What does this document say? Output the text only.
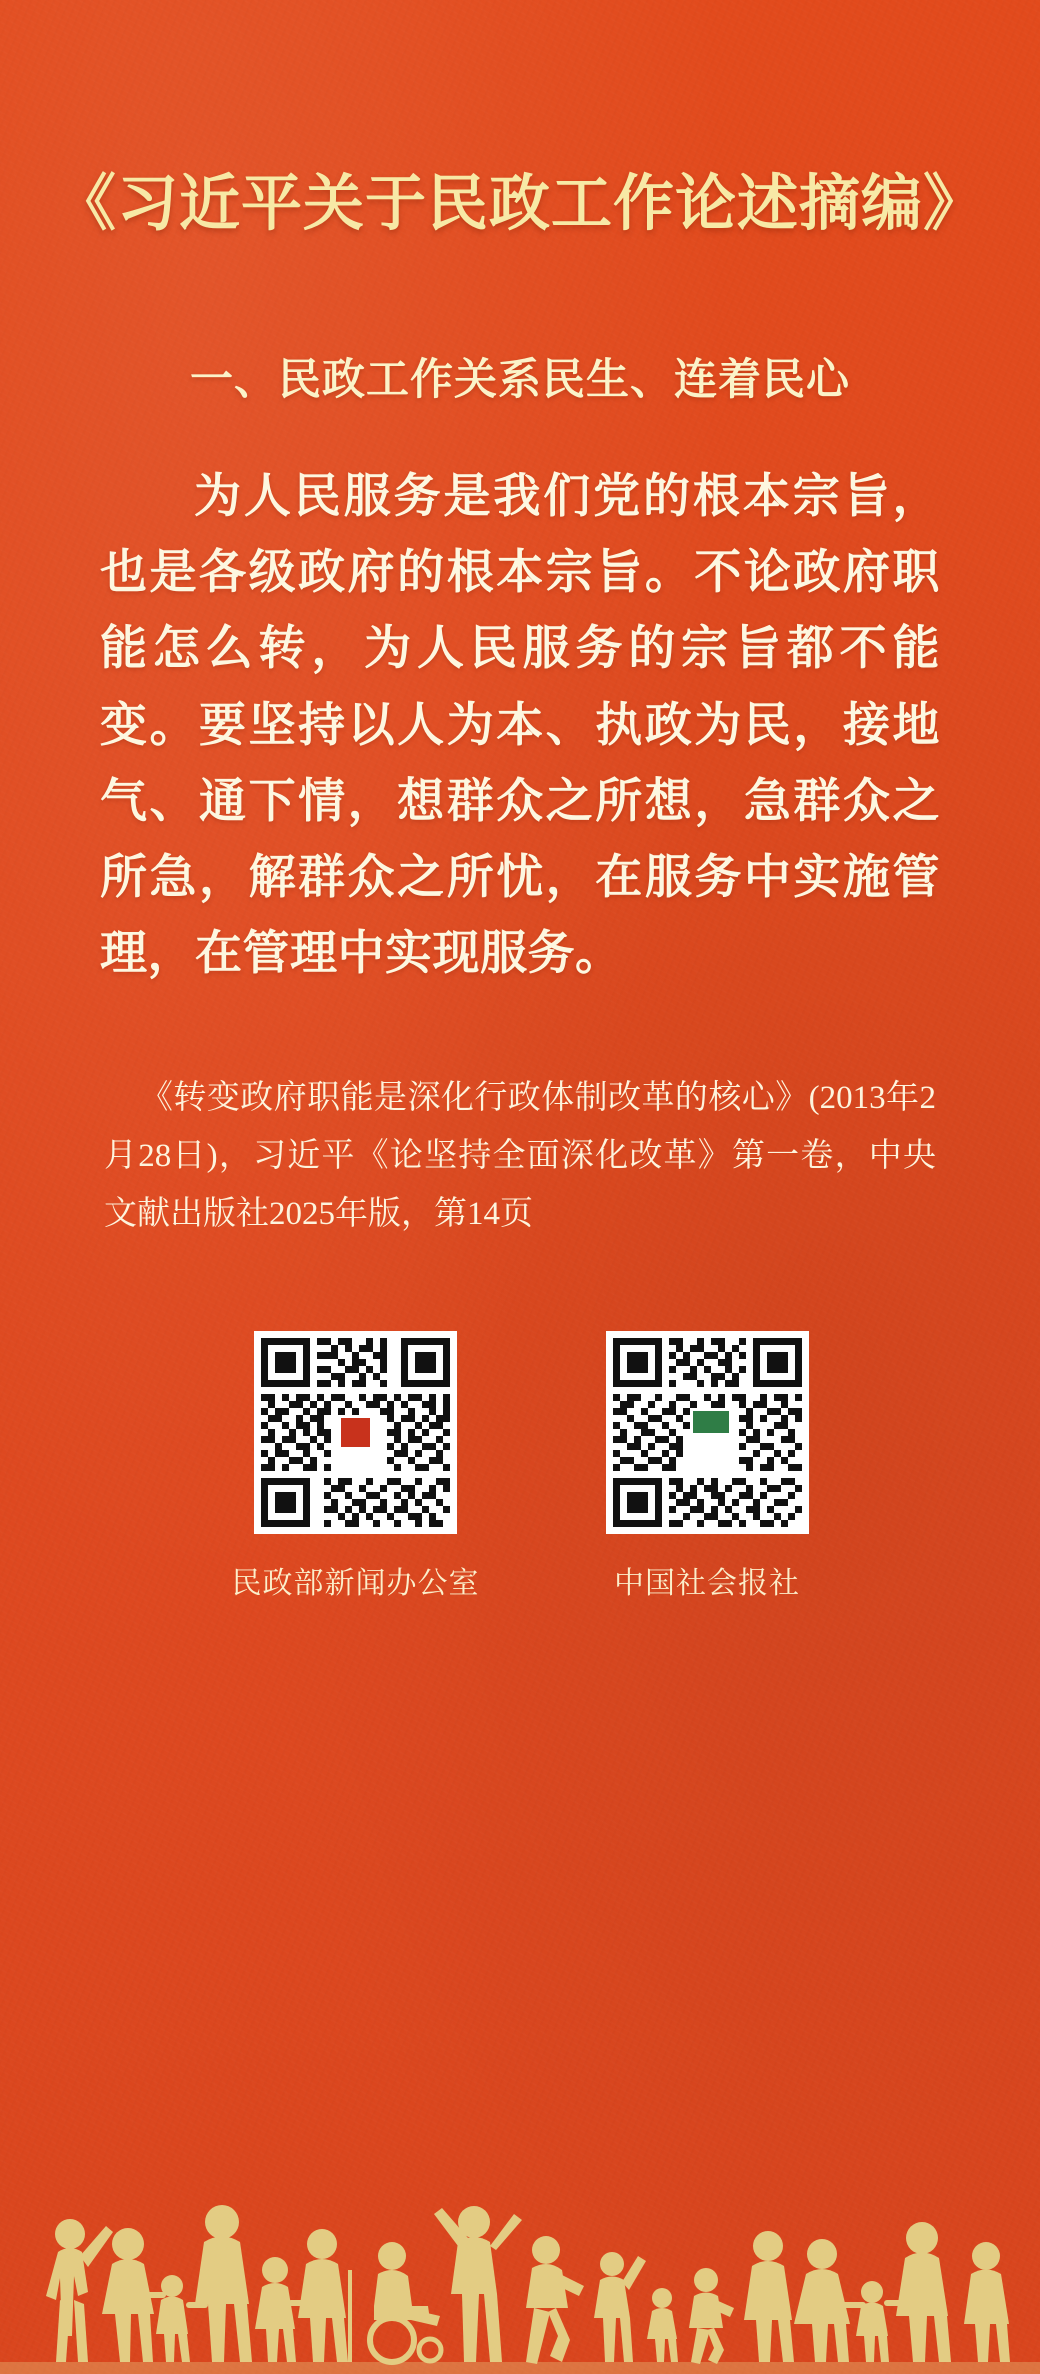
《习近平关于民政工作论述摘编》
一、民政工作关系民生、连着民心
为人民服务是我们党的根本宗旨，也是各级政府的根本宗旨。不论政府职能怎么转，为人民服务的宗旨都不能变。要坚持以人为本、执政为民，接地气、通下情，想群众之所想，急群众之所急，解群众之所忧，在服务中实施管理，在管理中实现服务。
《转变政府职能是深化行政体制改革的核心》(2013年2月28日)，习近平《论坚持全面深化改革》第一卷，中央文献出版社2025年版，第14页
民政部新闻办公室	中国社会报社
